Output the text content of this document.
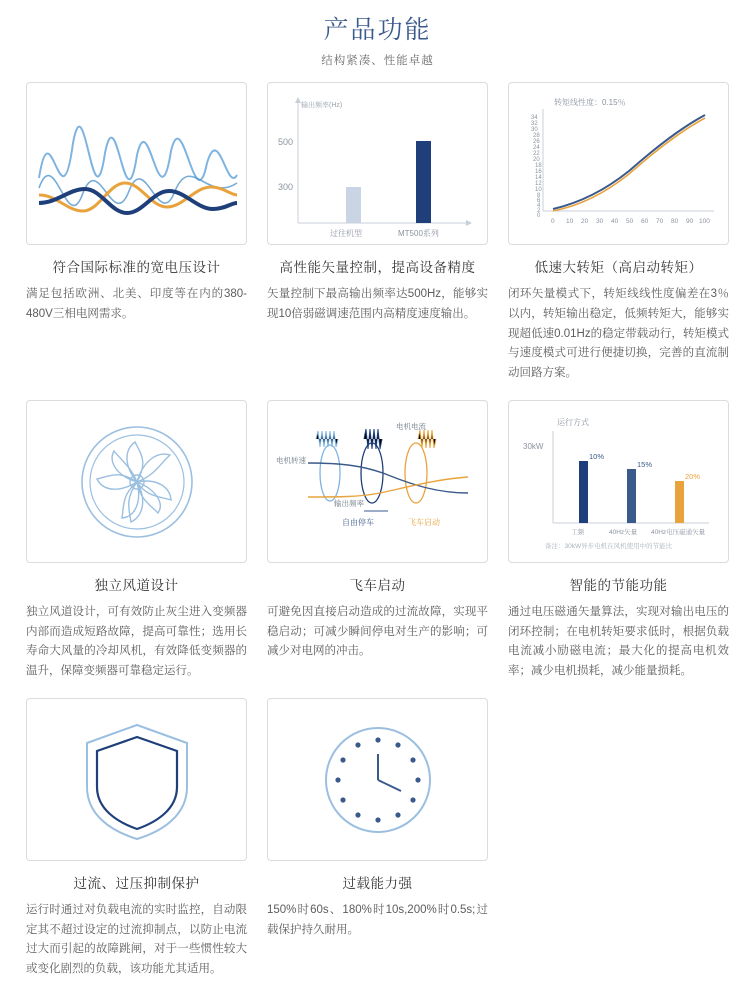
产品功能
结构紧凑、性能卓越
符合国际标准的宽电压设计
满足包括欧洲、北美、印度等在内的380-480V三相电网需求。
输出频率(Hz)
300
500
过往机型	MT500系列
高性能矢量控制，提高设备精度
矢量控制下最高输出频率达500Hz，能够实现10倍弱磁调速范围内高精度速度输出。
转矩线性度：0.15％
34
32
30
28
26
24
22
20
18
16
14
12
10
8
6
4
2
0
0 10 20 30 40 50 60 70 80 90 100
低速大转矩（高启动转矩）
闭环矢量模式下，转矩线线性度偏差在3％以内，转矩输出稳定，低频转矩大，能够实现超低速0.01Hz的稳定带载动行，转矩模式与速度模式可进行便捷切换，完善的直流制动回路方案。
独立风道设计
独立风道设计，可有效防止灰尘进入变频器内部而造成短路故障，提高可靠性；选用长寿命大风量的冷却风机，有效降低变频器的温升，保障变频器可靠稳定运行。
电机电流
电机转速
输出频率
自由停车	飞车启动
飞车启动
可避免因直接启动造成的过流故障，实现平稳启动；可减少瞬间停电对生产的影响；可减少对电网的冲击。
运行方式
30kW
10%
15%
20%
工频	40Hz矢量 40Hz电压磁通矢量
备注：30kW异步电机在风机使用中的节能比
智能的节能功能
通过电压磁通矢量算法，实现对输出电压的闭环控制；在电机转矩要求低时，根据负载电流减小励磁电流；最大化的提高电机效率；减少电机损耗，减少能量损耗。
过流、过压抑制保护
运行时通过对负载电流的实时监控，自动限定其不超过设定的过流抑制点，以防止电流过大而引起的故障跳闸，对于一些惯性较大或变化剧烈的负载，该功能尤其适用。
过载能力强
150%时60s、180%时10s,200%时0.5s;过载保护持久耐用。
